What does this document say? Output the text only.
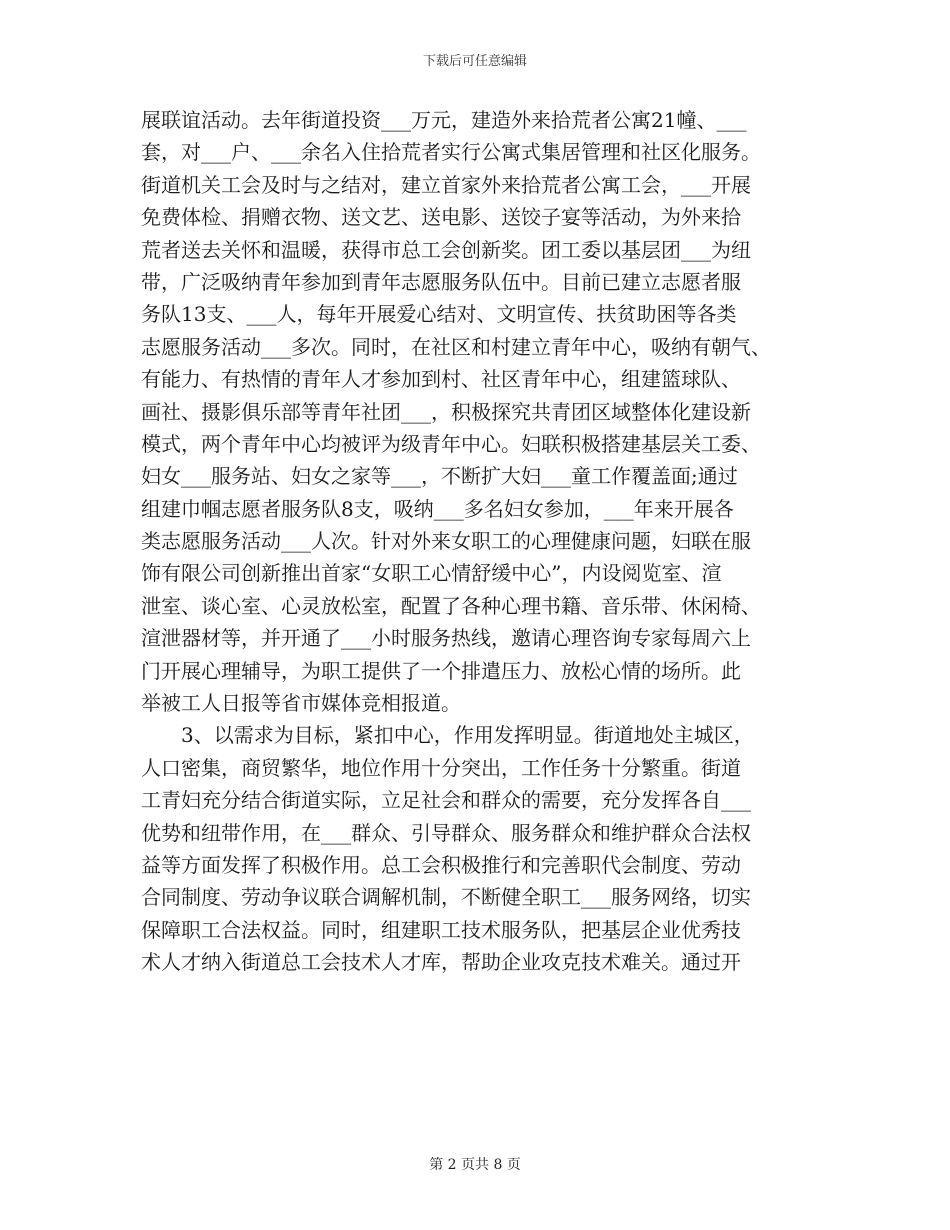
下载后可任意编辑
展联谊活动。去年街道投资___万元，建造外来拾荒者公寓21幢、___
套，对___户、___余名入住拾荒者实行公寓式集居管理和社区化服务。
街道机关工会及时与之结对，建立首家外来拾荒者公寓工会，___开展
免费体检、捐赠衣物、送文艺、送电影、送饺子宴等活动，为外来拾
荒者送去关怀和温暖，获得市总工会创新奖。团工委以基层团___为纽
带，广泛吸纳青年参加到青年志愿服务队伍中。目前已建立志愿者服
务队13支、___人，每年开展爱心结对、文明宣传、扶贫助困等各类
志愿服务活动___多次。同时，在社区和村建立青年中心，吸纳有朝气、
有能力、有热情的青年人才参加到村、社区青年中心，组建篮球队、
画社、摄影俱乐部等青年社团___，积极探究共青团区域整体化建设新
模式，两个青年中心均被评为级青年中心。妇联积极搭建基层关工委、
妇女___服务站、妇女之家等___，不断扩大妇___童工作覆盖面;通过
组建巾帼志愿者服务队8支，吸纳___多名妇女参加，___年来开展各
类志愿服务活动___人次。针对外来女职工的心理健康问题，妇联在服
饰有限公司创新推出首家“女职工心情舒缓中心”，内设阅览室、渲
泄室、谈心室、心灵放松室，配置了各种心理书籍、音乐带、休闲椅、
渲泄器材等，并开通了___小时服务热线，邀请心理咨询专家每周六上
门开展心理辅导，为职工提供了一个排遣压力、放松心情的场所。此
举被工人日报等省市媒体竞相报道。
　　3、以需求为目标，紧扣中心，作用发挥明显。街道地处主城区，
人口密集，商贸繁华，地位作用十分突出，工作任务十分繁重。街道
工青妇充分结合街道实际，立足社会和群众的需要，充分发挥各自___
优势和纽带作用，在___群众、引导群众、服务群众和维护群众合法权
益等方面发挥了积极作用。总工会积极推行和完善职代会制度、劳动
合同制度、劳动争议联合调解机制，不断健全职工___服务网络，切实
保障职工合法权益。同时，组建职工技术服务队，把基层企业优秀技
术人才纳入街道总工会技术人才库，帮助企业攻克技术难关。通过开
第 2 页共 8 页
